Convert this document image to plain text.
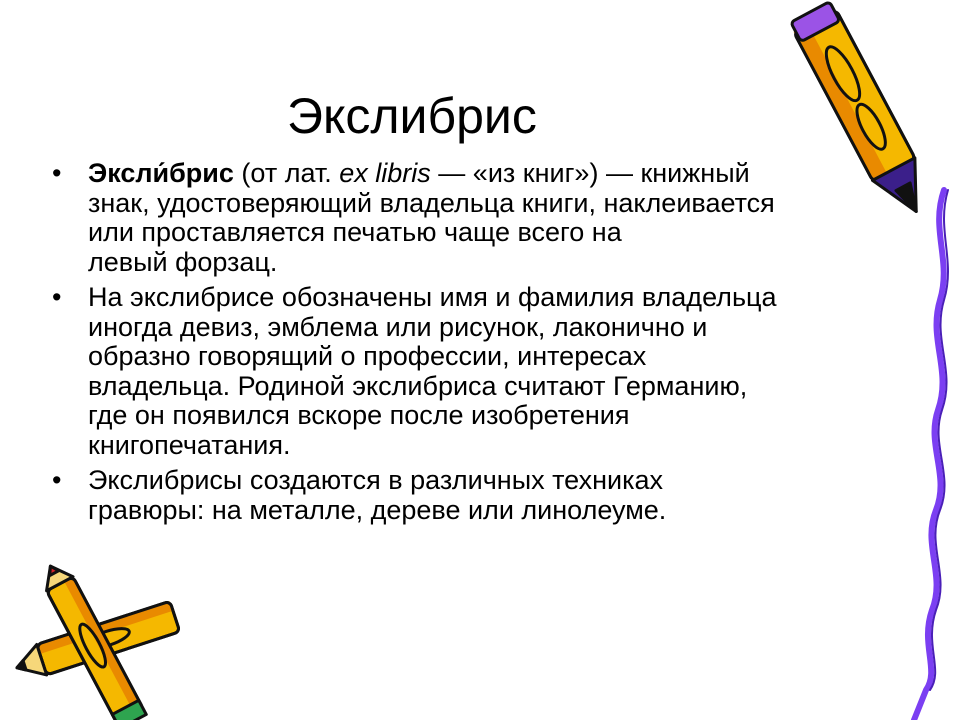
Экслибрис
• Эксли́брис (от лат. ex libris — «из книг») — книжный
знак, удостоверяющий владельца книги, наклеивается
или проставляется печатью чаще всего на
левый форзац.
• На экслибрисе обозначены имя и фамилия владельца
иногда девиз, эмблема или рисунок, лаконично и
образно говорящий о профессии, интересах
владельца. Родиной экслибриса считают Германию,
где он появился вскоре после изобретения
книгопечатания.
• Экслибрисы создаются в различных техниках
гравюры: на металле, дереве или линолеуме.
